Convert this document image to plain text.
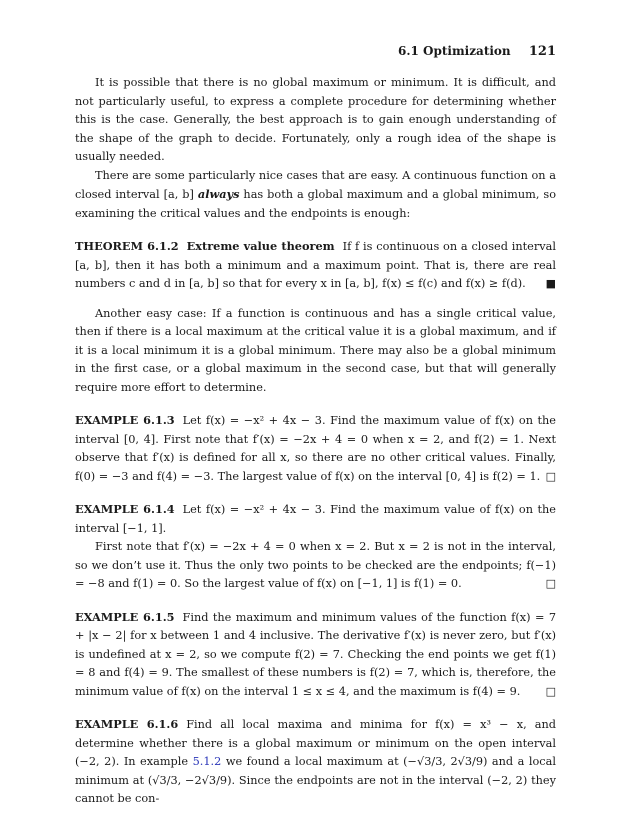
6.1 Optimization 121

It is possible that there is no global maximum or minimum. It is difficult, and not particularly useful, to express a complete procedure for determining whether this is the case. Generally, the best approach is to gain enough understanding of the shape of the graph to decide. Fortunately, only a rough idea of the shape is usually needed.

There are some particularly nice cases that are easy. A continuous function on a closed interval [a, b] always has both a global maximum and a global minimum, so examining the critical values and the endpoints is enough:

THEOREM 6.1.2 Extreme value theorem If f is continuous on a closed interval [a, b], then it has both a minimum and a maximum point. That is, there are real numbers c and d in [a, b] so that for every x in [a, b], f(x) ≤ f(c) and f(x) ≥ f(d). ■

Another easy case: If a function is continuous and has a single critical value, then if there is a local maximum at the critical value it is a global maximum, and if it is a local minimum it is a global minimum. There may also be a global minimum in the first case, or a global maximum in the second case, but that will generally require more effort to determine.

EXAMPLE 6.1.3 Let f(x) = −x² + 4x − 3. Find the maximum value of f(x) on the interval [0, 4]. First note that f′(x) = −2x + 4 = 0 when x = 2, and f(2) = 1. Next observe that f′(x) is defined for all x, so there are no other critical values. Finally, f(0) = −3 and f(4) = −3. The largest value of f(x) on the interval [0, 4] is f(2) = 1. □

EXAMPLE 6.1.4 Let f(x) = −x² + 4x − 3. Find the maximum value of f(x) on the interval [−1, 1].

First note that f′(x) = −2x + 4 = 0 when x = 2. But x = 2 is not in the interval, so we don’t use it. Thus the only two points to be checked are the endpoints; f(−1) = −8 and f(1) = 0. So the largest value of f(x) on [−1, 1] is f(1) = 0.	□

EXAMPLE 6.1.5 Find the maximum and minimum values of the function f(x) = 7 + |x − 2| for x between 1 and 4 inclusive. The derivative f′(x) is never zero, but f′(x) is undefined at x = 2, so we compute f(2) = 7. Checking the end points we get f(1) = 8 and f(4) = 9. The smallest of these numbers is f(2) = 7, which is, therefore, the minimum value of f(x) on the interval 1 ≤ x ≤ 4, and the maximum is f(4) = 9. □

EXAMPLE 6.1.6 Find all local maxima and minima for f(x) = x³ − x, and determine whether there is a global maximum or minimum on the open interval (−2, 2). In example 5.1.2 we found a local maximum at (−√3/3, 2√3/9) and a local minimum at (√3/3, −2√3/9). Since the endpoints are not in the interval (−2, 2) they cannot be con-
